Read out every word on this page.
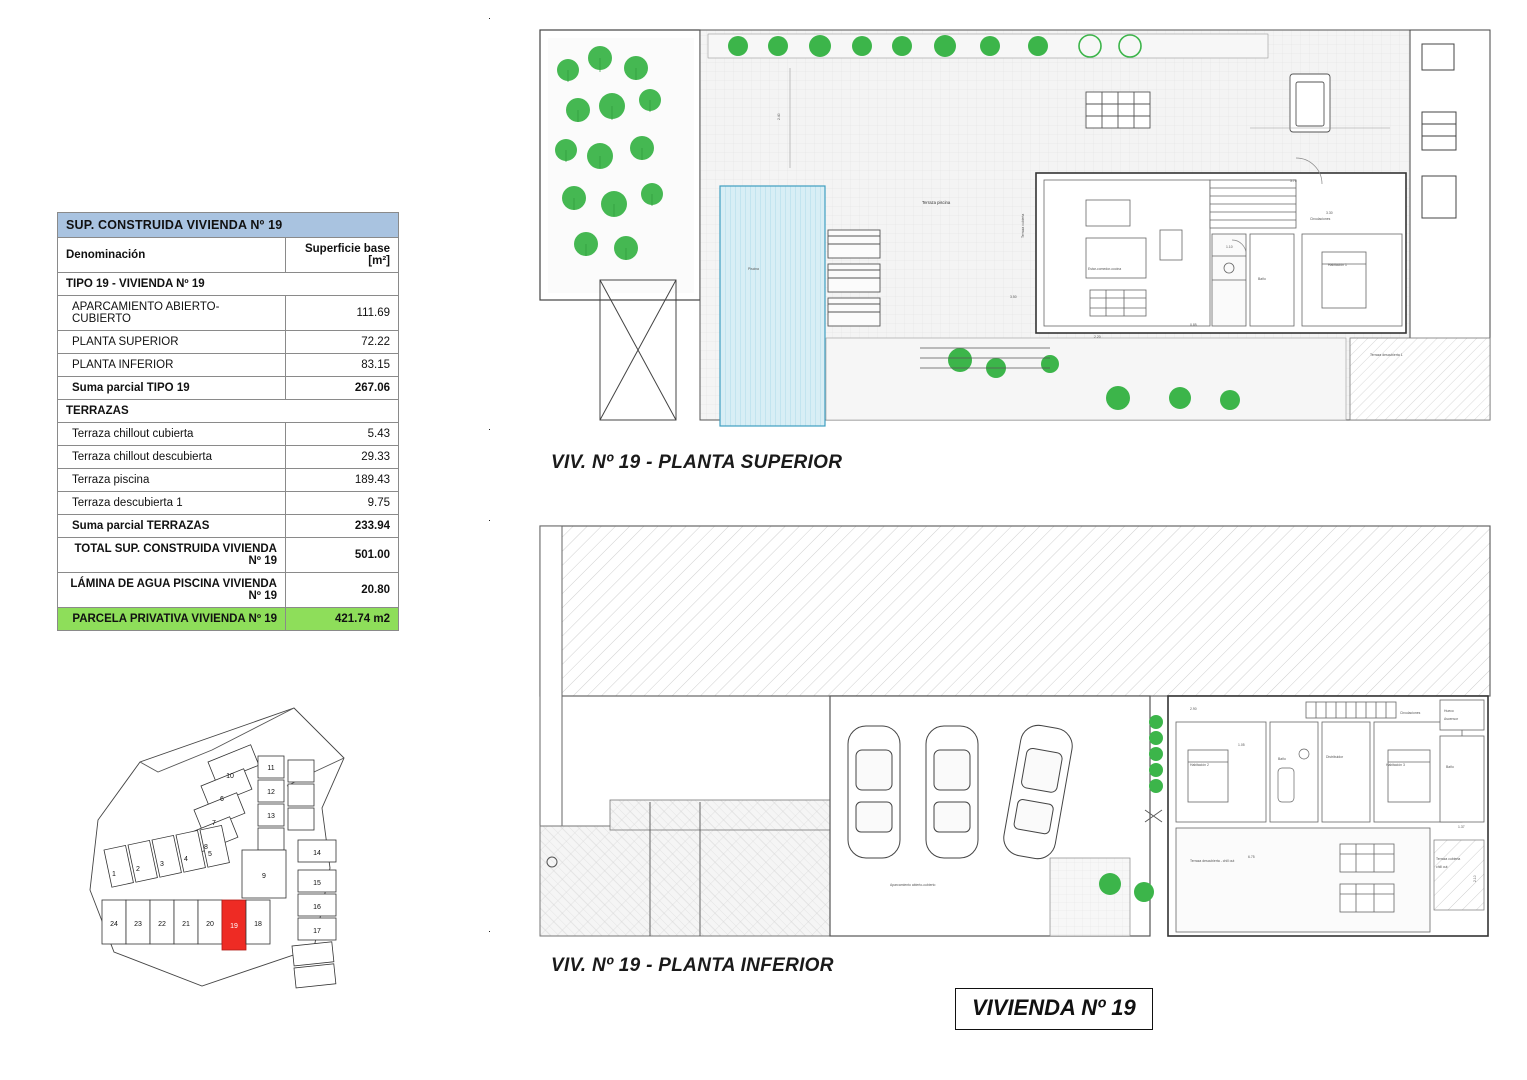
SUP. CONSTRUIDA VIVIENDA Nº 19	
Denominación	Superficie base [m²]
TIPO 19 - VIVIENDA Nº 19	
APARCAMIENTO ABIERTO-CUBIERTO	111.69
PLANTA SUPERIOR	72.22
PLANTA INFERIOR	83.15
Suma parcial TIPO 19	267.06
TERRAZAS	
Terraza chillout cubierta	5.43
Terraza chillout descubierta	29.33
Terraza piscina	189.43
Terraza descubierta 1	9.75
Suma parcial TERRAZAS	233.94
TOTAL SUP. CONSTRUIDA VIVIENDA Nº 19	501.00
LÁMINA DE AGUA PISCINA VIVIENDA Nº 19	20.80
PARCELA PRIVATIVA VIVIENDA Nº 19	421.74 m2
10
6
7
8
11
12
13
14
15
16
17
9
1
2
3
4
5
24 23 22 21 20 19 18
Piscina
Terraza piscina
Estar-comedor-cocina
Baño
Circulaciones
Habitación 1
Terraza descubierta 1
2.40
3.75
3.30
1.10
0.85
2.20
3.50
Terraza cubierta
VIV. Nº 19 - PLANTA SUPERIOR
Aparcamiento abierto-cubierto
Habitación 2
Baño	Distribuidor
Habitación 3
Circulaciones	Hueco
Ascensor
Baño
Terraza descubierta - chill out	Terraza cubierta
chill out
2.90
1.05
6.75
1.37
2.10
VIV. Nº 19 - PLANTA INFERIOR
VIVIENDA Nº 19
